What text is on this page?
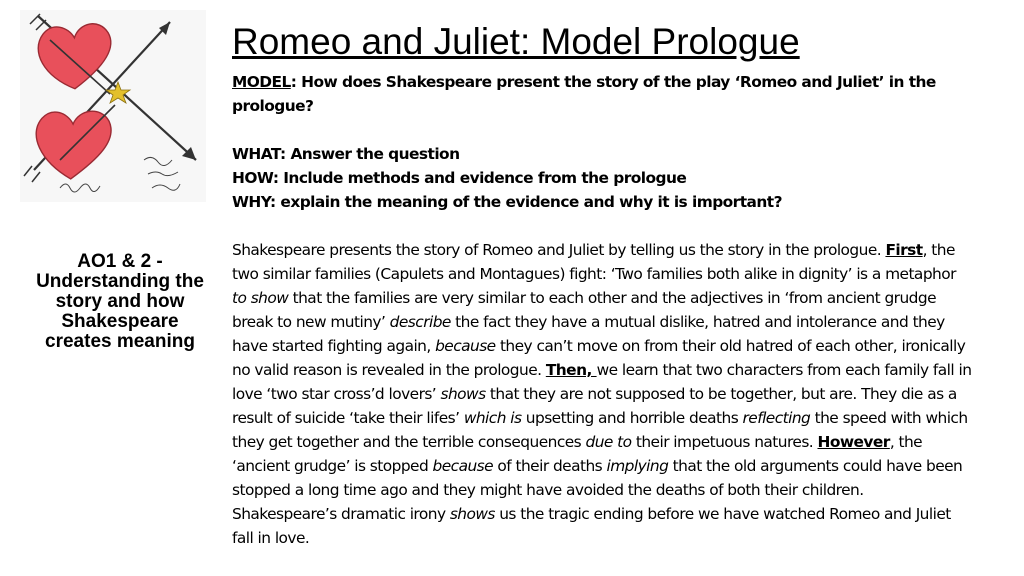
AO1 & 2 - Understanding the story and how Shakespeare creates meaning
Romeo and Juliet: Model Prologue

MODEL: How does Shakespeare present the story of the play ‘Romeo and Juliet’ in the prologue?

WHAT: Answer the question

HOW: Include methods and evidence from the prologue

WHY: explain the meaning of the evidence and why it is important?

Shakespeare presents the story of Romeo and Juliet by telling us the story in the prologue. First, the two similar families (Capulets and Montagues) fight: ‘Two families both alike in dignity’ is a metaphor to show that the families are very similar to each other and the adjectives in ‘from ancient grudge break to new mutiny’ describe the fact they have a mutual dislike, hatred and intolerance and they have started fighting again, because they can’t move on from their old hatred of each other, ironically no valid reason is revealed in the prologue. Then, we learn that two characters from each family fall in love ‘two star cross’d lovers’ shows that they are not supposed to be together, but are. They die as a result of suicide ‘take their lifes’ which is upsetting and horrible deaths reflecting the speed with which they get together and the terrible consequences due to their impetuous natures. However, the ‘ancient grudge’ is stopped because of their deaths implying that the old arguments could have been stopped a long time ago and they might have avoided the deaths of both their children. Shakespeare’s dramatic irony shows us the tragic ending before we have watched Romeo and Juliet fall in love.
